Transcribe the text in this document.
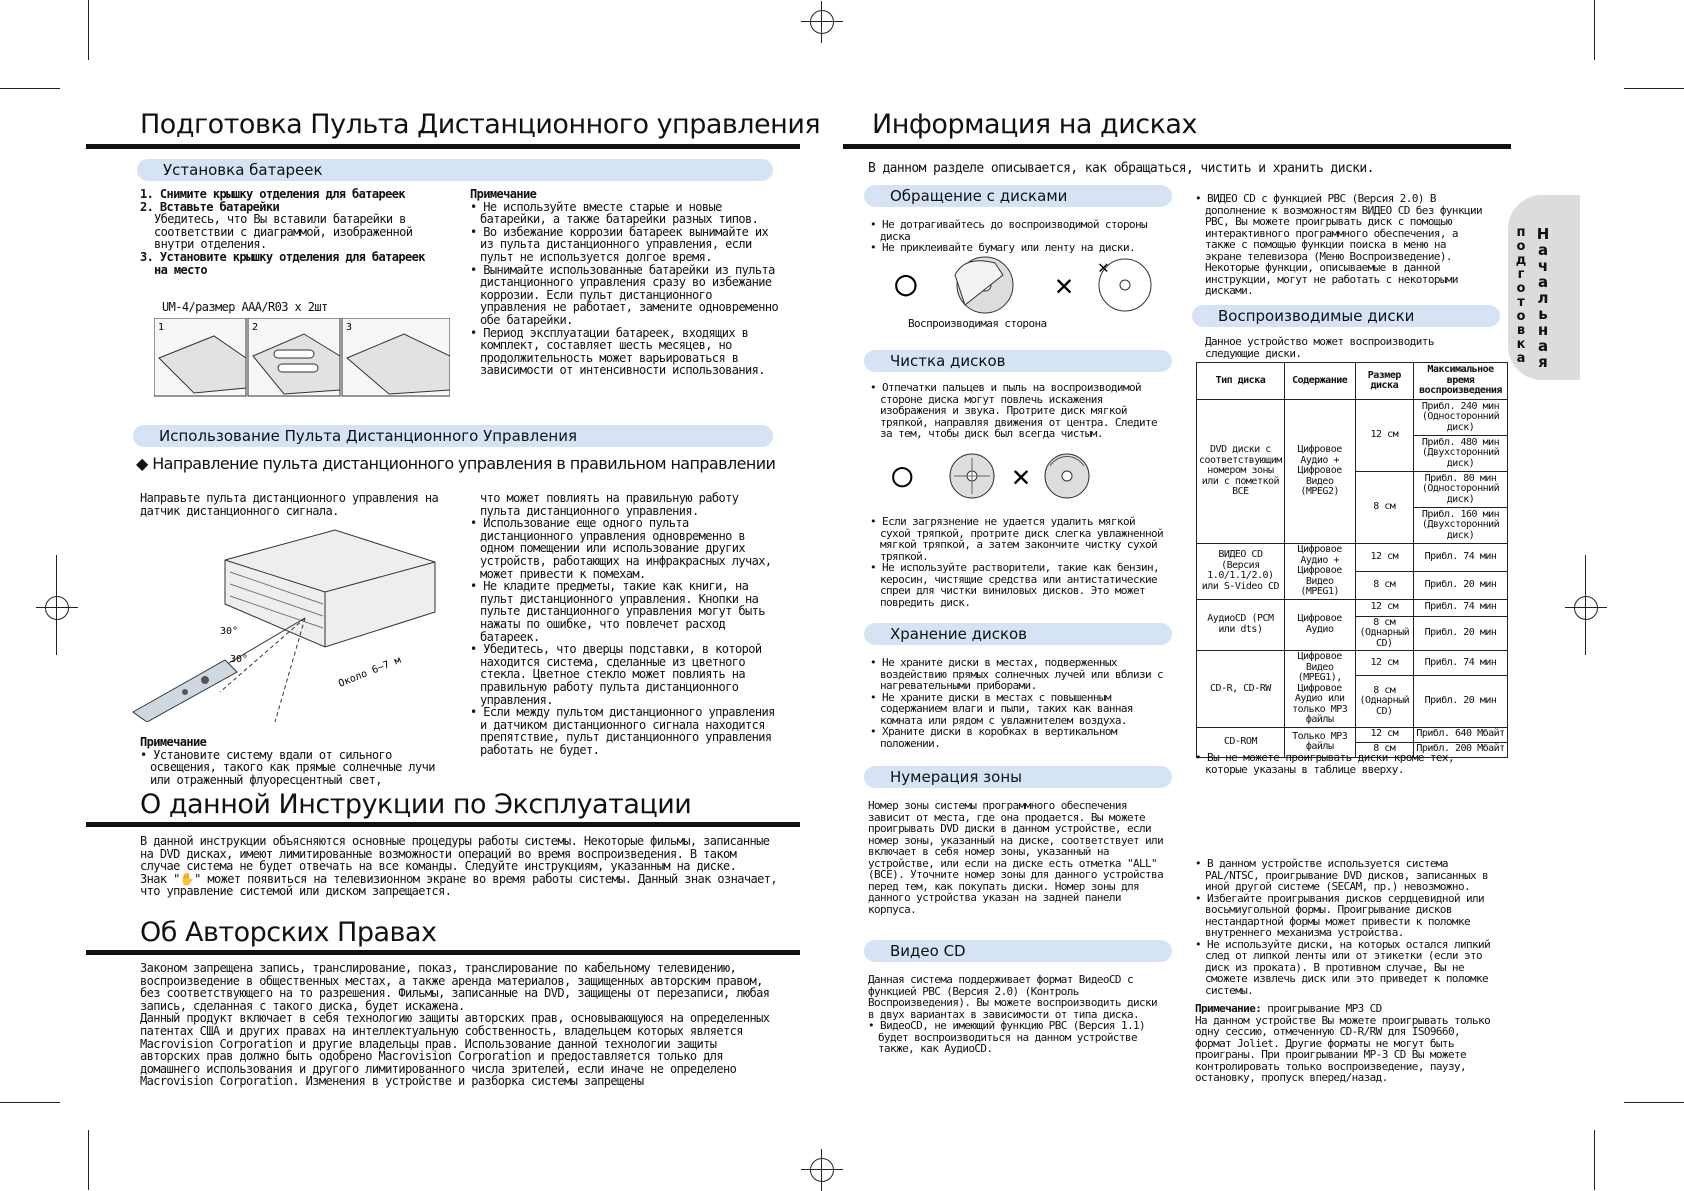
Подготовка Пульта Дистанционного управления
Установка батареек

1. Снимите крышку отделения для батареек

2. Вставьте батарейки

Убедитесь, что Вы вставили батарейки в соответствии с диаграммой, изображенной внутри отделения.

3. Установите крышку отделения для батареек на место

UM-4/размер AAA/R03 x 2шт
1	2	3

Примечание

• Не используйте вместе старые и новые батарейки, а также батарейки разных типов.

• Во избежание коррозии батареек вынимайте их из пульта дистанционного управления, если пульт не используется долгое время.

• Вынимайте использованные батарейки из пульта дистанционного управления сразу во избежание коррозии. Если пульт дистанционного управления не работает, замените одновременно обе батарейки.

• Период эксплуатации батареек, входящих в комплект, составляет шесть месяцев, но продолжительность может варьироваться в зависимости от интенсивности использования.

Использование Пульта Дистанционного Управления

◆ Направление пульта дистанционного управления в правильном направлении

Направьте пульта дистанционного управления на датчик дистанционного сигнала.
30°
30°	Около 6~7 м

Примечание

• Установите систему вдали от сильного освещения, такого как прямые солнечные лучи или отраженный флуоресцентный свет,

что может повлиять на правильную работу пульта дистанционного управления.

• Использование еще одного пульта дистанционного управления одновременно в одном помещении или использование других устройств, работающих на инфракрасных лучах, может привести к помехам.

• Не кладите предметы, такие как книги, на пульт дистанционного управления. Кнопки на пульте дистанционного управления могут быть нажаты по ошибке, что повлечет расход батареек.

• Убедитесь, что дверцы подставки, в которой находится система, сделанные из цветного стекла. Цветное стекло может повлиять на правильную работу пульта дистанционного управления.

• Если между пультом дистанционного управления и датчиком дистанционного сигнала находится препятствие, пульт дистанционного управления работать не будет.

О данной Инструкции по Эксплуатации

В данной инструкции объясняются основные процедуры работы системы. Некоторые фильмы, записанные на DVD дисках, имеют лимитированные возможности операций во время воспроизведения. В таком случае система не будет отвечать на все команды. Следуйте инструкциям, указанным на диске.

Знак "✋" может появиться на телевизионном экране во время работы системы. Данный знак означает, что управление системой или диском запрещается.

Об Авторских Правах

Законом запрещена запись, транслирование, показ, транслирование по кабельному телевидению, воспроизведение в общественных местах, а также аренда материалов, защищенных авторским правом, без соответствующего на то разрешения. Фильмы, записанные на DVD, защищены от перезаписи, любая запись, сделанная с такого диска, будет искажена.

Данный продукт включает в себя технологию защиты авторских прав, основывающуюся на определенных патентах США и других правах на интеллектуальную собственность, владельцем которых является Macrovision Corporation и другие владельцы прав. Использование данной технологии защиты авторских прав должно быть одобрено Macrovision Corporation и предоставляется только для домашнего использования и другого лимитированного числа зрителей, если иначе не определено Macrovision Corporation. Изменения в устройстве и разборка системы запрещены

Информация на дисках
В данном разделе описывается, как обращаться, чистить и хранить диски.
Обращение с дисками

• Не дотрагивайтесь до воспроизводимой стороны диска

• Не приклеивайте бумагу или ленту на диски.

○	✕
✕
Воспроизводимая сторона
Чистка дисков

• Отпечатки пальцев и пыль на воспроизводимой стороне диска могут повлечь искажения изображения и звука. Протрите диск мягкой тряпкой, направляя движения от центра. Следите за тем, чтобы диск был всегда чистым.

○	✕

• Если загрязнение не удается удалить мягкой сухой тряпкой, протрите диск слегка увлажненной мягкой тряпкой, а затем закончите чистку сухой тряпкой.

• Не используйте растворители, такие как бензин, керосин, чистящие средства или антистатические спреи для чистки виниловых дисков. Это может повредить диск.

Хранение дисков

• Не храните диски в местах, подверженных воздействию прямых солнечных лучей или вблизи с нагревательными приборами.

• Не храните диски в местах с повышенным содержанием влаги и пыли, таких как ванная комната или рядом с увлажнителем воздуха.

• Храните диски в коробках в вертикальном положении.

Нумерация зоны
Номер зоны системы программного обеспечения зависит от места, где она продается. Вы можете проигрывать DVD диски в данном устройстве, если номер зоны, указанный на диске, соответствует или включает в себя номер зоны, указанный на устройстве, или если на диске есть отметка "ALL" (ВСЕ). Уточните номер зоны для данного устройства перед тем, как покупать диски. Номер зоны для данного устройства указан на задней панели корпуса.
Видео CD

Данная система поддерживает формат ВидеоCD с функцией PBC (Версия 2.0) (Контроль Воспроизведения). Вы можете воспроизводить диски в двух вариантах в зависимости от типа диска.

• ВидеоCD, не имеющий функцию PBC (Версия 1.1) будет воспроизводиться на данном устройстве также, как АудиоCD.

• ВИДЕО CD с функцией PBC (Версия 2.0) В дополнение к возможностям ВИДЕО CD без функции PBC, Вы можете проигрывать диск с помощью интерактивного программного обеспечения, а также с помощью функции поиска в меню на экране телевизора (Меню Воспроизведение). Некоторые функции, описываемые в данной инструкции, могут не работать с некоторыми дисками.

Воспроизводимые диски
Данное устройство может воспроизводить следующие диски.
Тип диска	Содержание	Размер диска	Максимальное время воспроизведения
DVD диски с соответствующим номером зоны или с пометкой ВСЕ	Цифровое Аудио + Цифровое Видео (MPEG2)	12 см	Прибл. 240 мин (Односторонний диск)
			Прибл. 480 мин (Двухсторонний диск)
		8 см	Прибл. 80 мин (Односторонний диск)
			Прибл. 160 мин (Двухсторонний диск)
ВИДЕО CD (Версия 1.0/1.1/2.0) или S-Video CD	Цифровое Аудио + Цифровое Видео (MPEG1)	12 см	Прибл. 74 мин
		8 см	Прибл. 20 мин
АудиоCD (PCM или dts)	Цифровое Аудио	12 см	Прибл. 74 мин
		8 см (Однарный CD)	Прибл. 20 мин
CD-R, CD-RW	Цифровое Видео (MPEG1), Цифровое Аудио или только MP3 файлы	12 см	Прибл. 74 мин
		8 см (Однарный CD)	Прибл. 20 мин
CD-ROM	Только MP3 файлы	12 см	Прибл. 640 Мбайт
		8 см	Прибл. 200 Мбайт

• Вы не можете проигрывать диски кроме тех, которые указаны в таблице вверху.

• В данном устройстве используется система PAL/NTSC, проигрывание DVD дисков, записанных в иной другой системе (SECAM, пр.) невозможно.

• Избегайте проигрывания дисков сердцевидной или восьмиугольной формы. Проигрывание дисков нестандартной формы может привести к поломке внутреннего механизма устройства.

• Не используйте диски, на которых остался липкий след от липкой ленты или от этикетки (если это диск из проката). В противном случае, Вы не сможете извлечь диск или это приведет к поломке системы.

Примечание: проигрывание MP3 CD

На данном устройстве Вы можете проигрывать только одну сессию, отмеченную CD-R/RW для ISO9660, формат Joliet. Другие форматы не могут быть проиграны. При проигрывании MP-3 CD Вы можете контролировать только воспроизведение, паузу, остановку, пропуск вперед/назад.

Н
а
ч
а
л
ь
н
а
я
п
о
д
г
о
т
о
в
к
а
